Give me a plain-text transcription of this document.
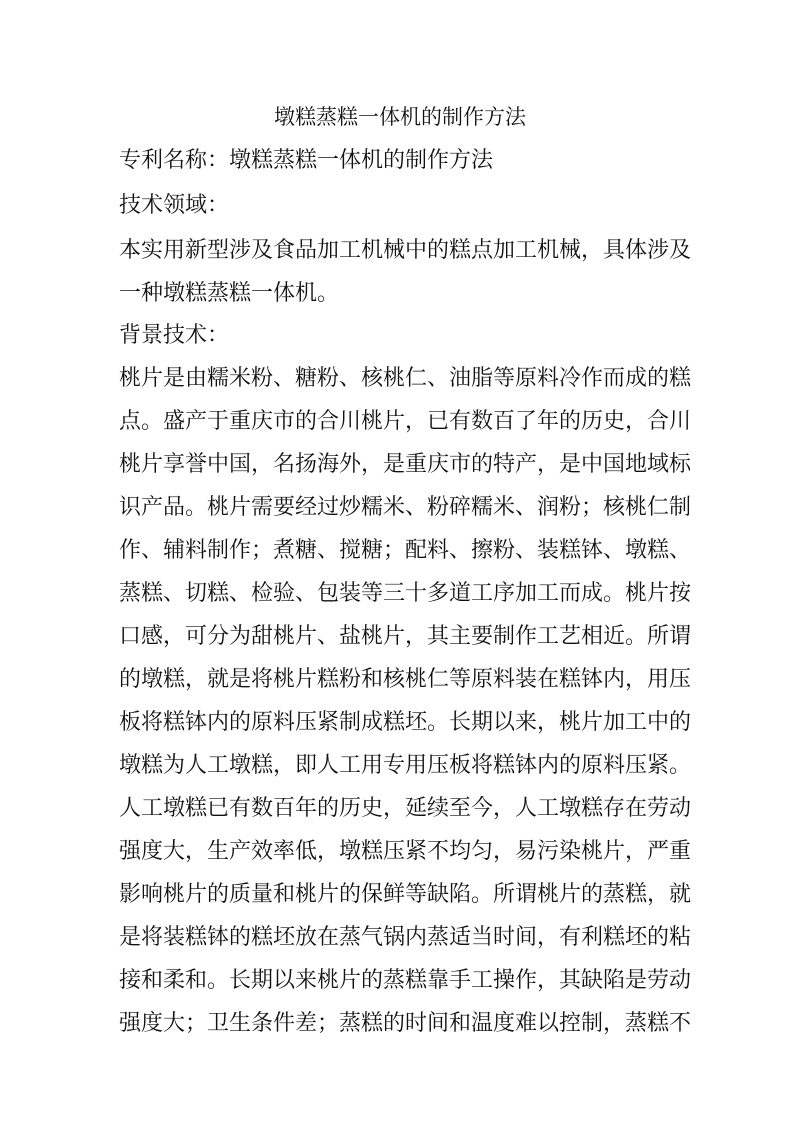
墩糕蒸糕一体机的制作方法

专利名称：墩糕蒸糕一体机的制作方法

技术领域：

本实用新型涉及食品加工机械中的糕点加工机械，具体涉及

一种墩糕蒸糕一体机。

背景技术：

桃片是由糯米粉、糖粉、核桃仁、油脂等原料冷作而成的糕

点。盛产于重庆市的合川桃片，已有数百了年的历史，合川

桃片享誉中国，名扬海外，是重庆市的特产，是中国地域标

识产品。桃片需要经过炒糯米、粉碎糯米、润粉；核桃仁制

作、辅料制作；煮糖、搅糖；配料、擦粉、装糕钵、墩糕、

蒸糕、切糕、检验、包装等三十多道工序加工而成。桃片按

口感，可分为甜桃片、盐桃片，其主要制作工艺相近。所谓

的墩糕，就是将桃片糕粉和核桃仁等原料装在糕钵内，用压

板将糕钵内的原料压紧制成糕坯。长期以来，桃片加工中的

墩糕为人工墩糕，即人工用专用压板将糕钵内的原料压紧。

人工墩糕已有数百年的历史，延续至今，人工墩糕存在劳动

强度大，生产效率低，墩糕压紧不均匀，易污染桃片，严重

影响桃片的质量和桃片的保鲜等缺陷。所谓桃片的蒸糕，就

是将装糕钵的糕坯放在蒸气锅内蒸适当时间，有利糕坯的粘

接和柔和。长期以来桃片的蒸糕靠手工操作，其缺陷是劳动

强度大；卫生条件差；蒸糕的时间和温度难以控制，蒸糕不
